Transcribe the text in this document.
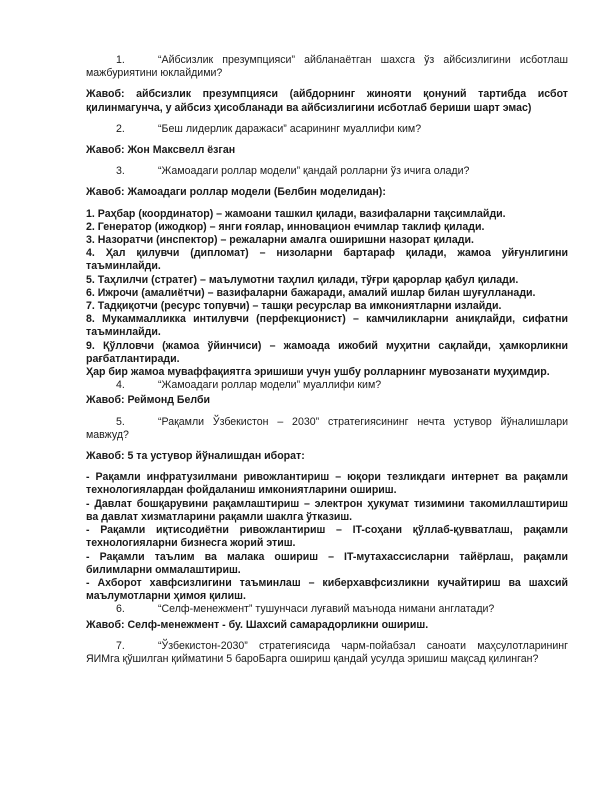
1.	“Айбсизлик презумпцияси” айбланаётган шахсга ўз айбсизлигини исботлаш мажбуриятини юклайдими?

Жавоб: айбсизлик презумпцияси (айбдорнинг жинояти қонуний тартибда исбот қилинмагунча, у айбсиз ҳисобланади ва айбсизлигини исботлаб бериши шарт эмас)

2.	“Беш лидерлик даражаси” асарининг муаллифи ким?

Жавоб: Жон Максвелл ёзган

3.	“Жамоадаги роллар модели” қандай ролларни ўз ичига олади?

Жавоб: Жамоадаги роллар модели (Белбин моделидан):

1. Раҳбар (координатор) – жамоани ташкил қилади, вазифаларни тақсимлайди.

2. Генератор (ижодкор) – янги ғоялар, инновацион ечимлар таклиф қилади.

3. Назоратчи (инспектор) – режаларни амалга оширишни назорат қилади.

4. Ҳал қилувчи (дипломат) – низоларни бартараф қилади, жамоа уйғунлигини таъминлайди.

5. Таҳлилчи (стратег) – маълумотни таҳлил қилади, тўғри қарорлар қабул қилади.

6. Ижрочи (амалиётчи) – вазифаларни бажаради, амалий ишлар билан шуғулланади.

7. Тадқиқотчи (ресурс топувчи) – ташқи ресурслар ва имкониятларни излайди.

8. Мукаммалликка интилувчи (перфекционист) – камчиликларни аниқлайди, сифатни таъминлайди.

9. Қўлловчи (жамоа ўйинчиси) – жамоада ижобий муҳитни сақлайди, ҳамкорликни рағбатлантиради.

Ҳар бир жамоа муваффақиятга эришиши учун ушбу ролларнинг мувозанати муҳимдир.

4.	“Жамоадаги роллар модели” муаллифи ким?

Жавоб: Реймонд Белби

5.	“Рақамли Ўзбекистон – 2030” стратегиясининг нечта устувор йўналишлари мавжуд?

Жавоб: 5 та устувор йўналишдан иборат:

- Рақамли инфратузилмани ривожлантириш – юқори тезликдаги интернет ва рақамли технологиялардан фойдаланиш имкониятларини ошириш.

- Давлат бошқарувини рақамлаштириш – электрон ҳукумат тизимини такомиллаштириш ва давлат хизматларини рақамли шаклга ўтказиш.

- Рақамли иқтисодиётни ривожлантириш – IT-соҳани қўллаб-қувватлаш, рақамли технологияларни бизнесга жорий этиш.

- Рақамли таълим ва малака ошириш – IT-мутахассисларни тайёрлаш, рақамли билимларни оммалаштириш.

- Ахборот хавфсизлигини таъминлаш – киберхавфсизликни кучайтириш ва шахсий маълумотларни ҳимоя қилиш.

6.	“Селф-менежмент” тушунчаси луғавий маънода нимани англатади?

Жавоб: Селф-менежмент - бу. Шахсий самарадорликни ошириш.

7.	“Ўзбекистон-2030” стратегиясида чарм-пойабзал саноати маҳсулотларининг ЯИМга қўшилган қийматини 5 бароБарга ошириш қандай усулда эришиш мақсад қилинган?
